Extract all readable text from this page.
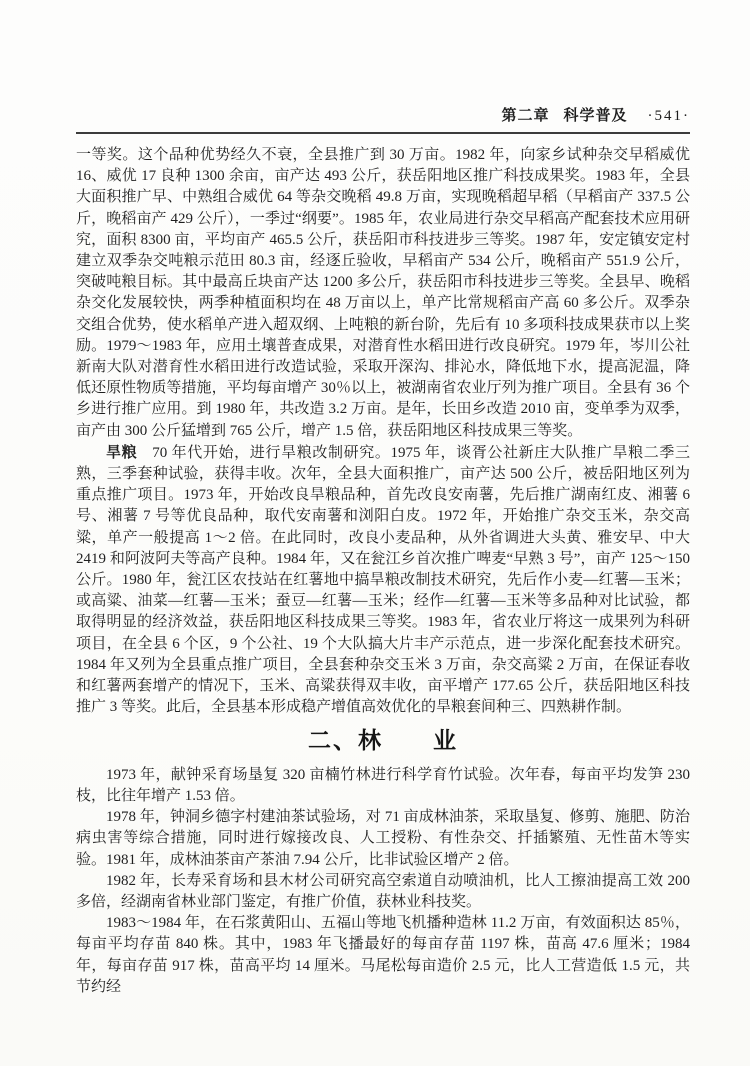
第二章 科学普及 ·541·

一等奖。这个品种优势经久不衰，全县推广到 30 万亩。1982 年，向家乡试种杂交早稻威优 16、威优 17 良种 1300 余亩，亩产达 493 公斤，获岳阳地区推广科技成果奖。1983 年，全县大面积推广早、中熟组合威优 64 等杂交晚稻 49.8 万亩，实现晚稻超早稻（早稻亩产 337.5 公斤，晚稻亩产 429 公斤），一季过“纲要”。1985 年，农业局进行杂交早稻高产配套技术应用研究，面积 8300 亩，平均亩产 465.5 公斤，获岳阳市科技进步三等奖。1987 年，安定镇安定村建立双季杂交吨粮示范田 80.3 亩，经逐丘验收，早稻亩产 534 公斤，晚稻亩产 551.9 公斤，突破吨粮目标。其中最高丘块亩产达 1200 多公斤，获岳阳市科技进步三等奖。全县早、晚稻杂交化发展较快，两季种植面积均在 48 万亩以上，单产比常规稻亩产高 60 多公斤。双季杂交组合优势，使水稻单产进入超双纲、上吨粮的新台阶，先后有 10 多项科技成果获市以上奖励。1979～1983 年，应用土壤普查成果，对潜育性水稻田进行改良研究。1979 年，岑川公社新南大队对潜育性水稻田进行改造试验，采取开深沟、排沁水，降低地下水，提高泥温，降低还原性物质等措施，平均每亩增产 30％以上，被湖南省农业厅列为推广项目。全县有 36 个乡进行推广应用。到 1980 年，共改造 3.2 万亩。是年，长田乡改造 2010 亩，变单季为双季，亩产由 300 公斤猛增到 765 公斤，增产 1.5 倍，获岳阳地区科技成果三等奖。

旱粮 70 年代开始，进行旱粮改制研究。1975 年，谈胥公社新庄大队推广旱粮二季三熟，三季套种试验，获得丰收。次年，全县大面积推广，亩产达 500 公斤，被岳阳地区列为重点推广项目。1973 年，开始改良旱粮品种，首先改良安南薯，先后推广湖南红皮、湘薯 6 号、湘薯 7 号等优良品种，取代安南薯和浏阳白皮。1972 年，开始推广杂交玉米，杂交高粱，单产一般提高 1～2 倍。在此同时，改良小麦品种，从外省调进大头黄、雅安早、中大 2419 和阿波阿夫等高产良种。1984 年，又在瓮江乡首次推广啤麦“早熟 3 号”，亩产 125～150 公斤。1980 年，瓮江区农技站在红薯地中搞旱粮改制技术研究，先后作小麦—红薯—玉米；或高粱、油菜—红薯—玉米；蚕豆—红薯—玉米；经作—红薯—玉米等多品种对比试验，都取得明显的经济效益，获岳阳地区科技成果三等奖。1983 年，省农业厅将这一成果列为科研项目，在全县 6 个区，9 个公社、19 个大队搞大片丰产示范点，进一步深化配套技术研究。1984 年又列为全县重点推广项目，全县套种杂交玉米 3 万亩，杂交高粱 2 万亩，在保证春收和红薯两套增产的情况下，玉米、高粱获得双丰收，亩平增产 177.65 公斤，获岳阳地区科技推广 3 等奖。此后，全县基本形成稳产增值高效优化的旱粮套间种三、四熟耕作制。

二、林　　业

1973 年，献钟采育场垦复 320 亩楠竹林进行科学育竹试验。次年春，每亩平均发笋 230 枝，比往年增产 1.53 倍。

1978 年，钟洞乡德字村建油茶试验场，对 71 亩成林油茶，采取垦复、修剪、施肥、防治病虫害等综合措施，同时进行嫁接改良、人工授粉、有性杂交、扦插繁殖、无性苗木等实验。1981 年，成林油茶亩产茶油 7.94 公斤，比非试验区增产 2 倍。

1982 年，长寿采育场和县木材公司研究高空索道自动喷油机，比人工擦油提高工效 200 多倍，经湖南省林业部门鉴定，有推广价值，获林业科技奖。

1983～1984 年，在石浆黄阳山、五福山等地飞机播种造林 11.2 万亩，有效面积达 85％，每亩平均存苗 840 株。其中，1983 年飞播最好的每亩存苗 1197 株，苗高 47.6 厘米；1984 年，每亩存苗 917 株，苗高平均 14 厘米。马尾松每亩造价 2.5 元，比人工营造低 1.5 元，共节约经
